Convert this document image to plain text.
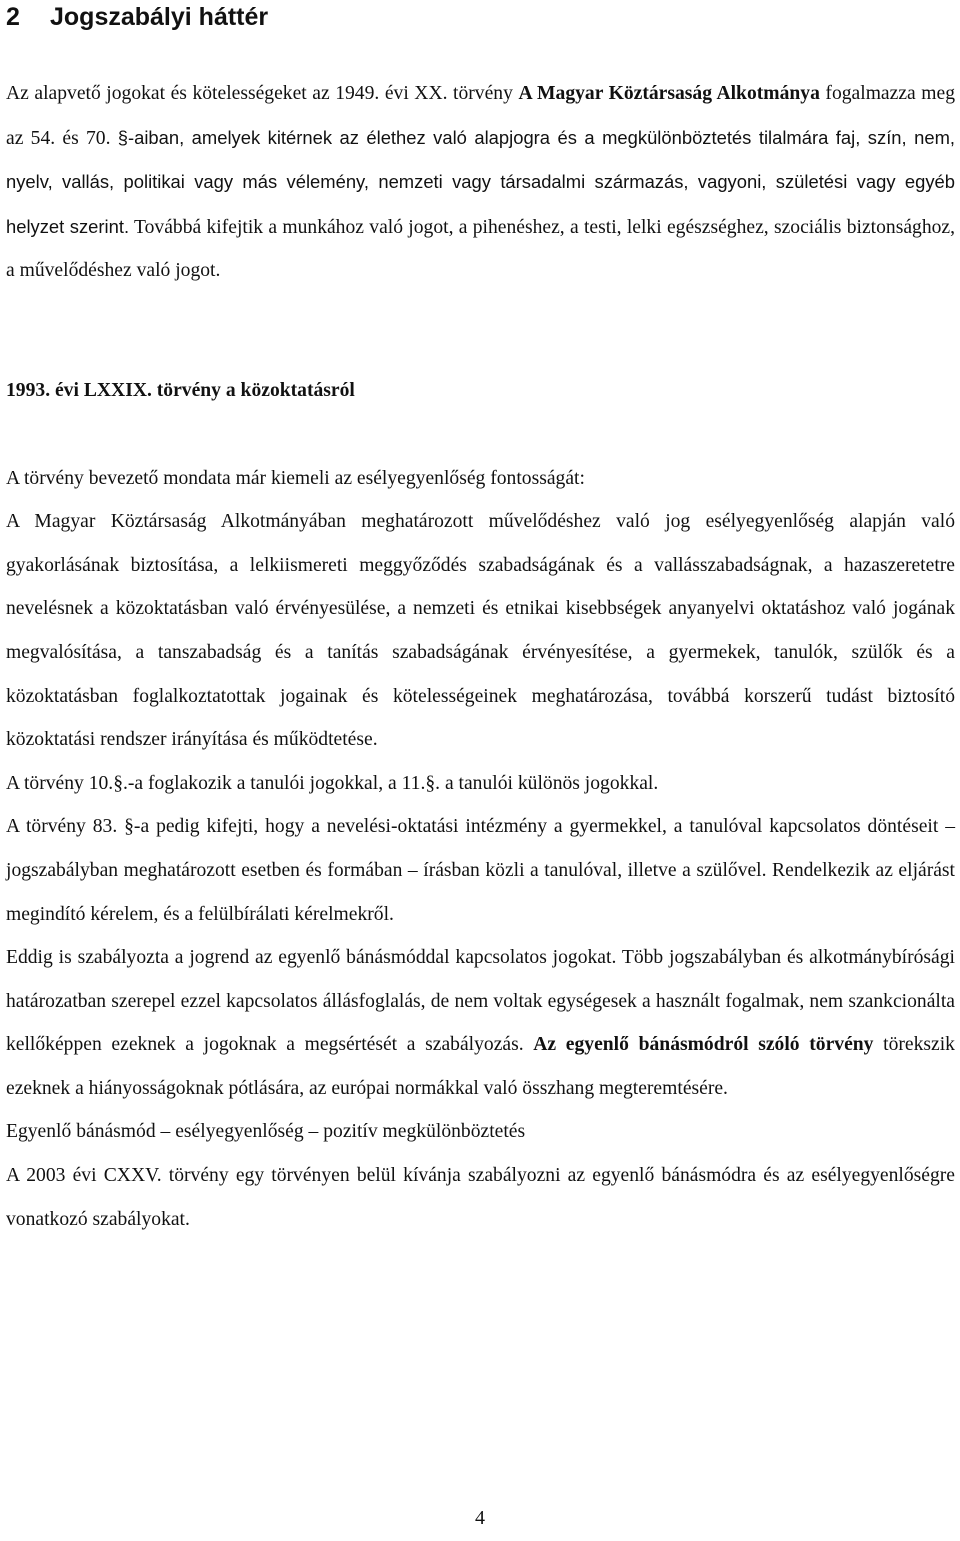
2 Jogszabályi háttér

Az alapvető jogokat és kötelességeket az 1949. évi XX. törvény A Magyar Köztársaság Alkotmánya fogalmazza meg az 54. és 70. §-aiban, amelyek kitérnek az élethez való alapjogra és a megkülönböztetés tilalmára faj, szín, nem, nyelv, vallás, politikai vagy más vélemény, nemzeti vagy társadalmi származás, vagyoni, születési vagy egyéb helyzet szerint. Továbbá kifejtik a munkához való jogot, a pihenéshez, a testi, lelki egészséghez, szociális biztonsághoz, a művelődéshez való jogot.

1993. évi LXXIX. törvény a közoktatásról

A törvény bevezető mondata már kiemeli az esélyegyenlőség fontosságát:

A Magyar Köztársaság Alkotmányában meghatározott művelődéshez való jog esélyegyenlőség alapján való gyakorlásának biztosítása, a lelkiismereti meggyőződés szabadságának és a vallásszabadságnak, a hazaszeretetre nevelésnek a közoktatásban való érvényesülése, a nemzeti és etnikai kisebbségek anyanyelvi oktatáshoz való jogának megvalósítása, a tanszabadság és a tanítás szabadságának érvényesítése, a gyermekek, tanulók, szülők és a közoktatásban foglalkoztatottak jogainak és kötelességeinek meghatározása, továbbá korszerű tudást biztosító közoktatási rendszer irányítása és működtetése.

A törvény 10.§.-a foglakozik a tanulói jogokkal, a 11.§. a tanulói különös jogokkal.

A törvény 83. §-a pedig kifejti, hogy a nevelési-oktatási intézmény a gyermekkel, a tanulóval kapcsolatos döntéseit – jogszabályban meghatározott esetben és formában – írásban közli a tanulóval, illetve a szülővel. Rendelkezik az eljárást megindító kérelem, és a felülbírálati kérelmekről.

Eddig is szabályozta a jogrend az egyenlő bánásmóddal kapcsolatos jogokat. Több jogszabályban és alkotmánybírósági határozatban szerepel ezzel kapcsolatos állásfoglalás, de nem voltak egységesek a használt fogalmak, nem szankcionálta kellőképpen ezeknek a jogoknak a megsértését a szabályozás. Az egyenlő bánásmódról szóló törvény törekszik ezeknek a hiányosságoknak pótlására, az európai normákkal való összhang megteremtésére.

Egyenlő bánásmód – esélyegyenlőség – pozitív megkülönböztetés

A 2003 évi CXXV. törvény egy törvényen belül kívánja szabályozni az egyenlő bánásmódra és az esélyegyenlőségre vonatkozó szabályokat.

4
